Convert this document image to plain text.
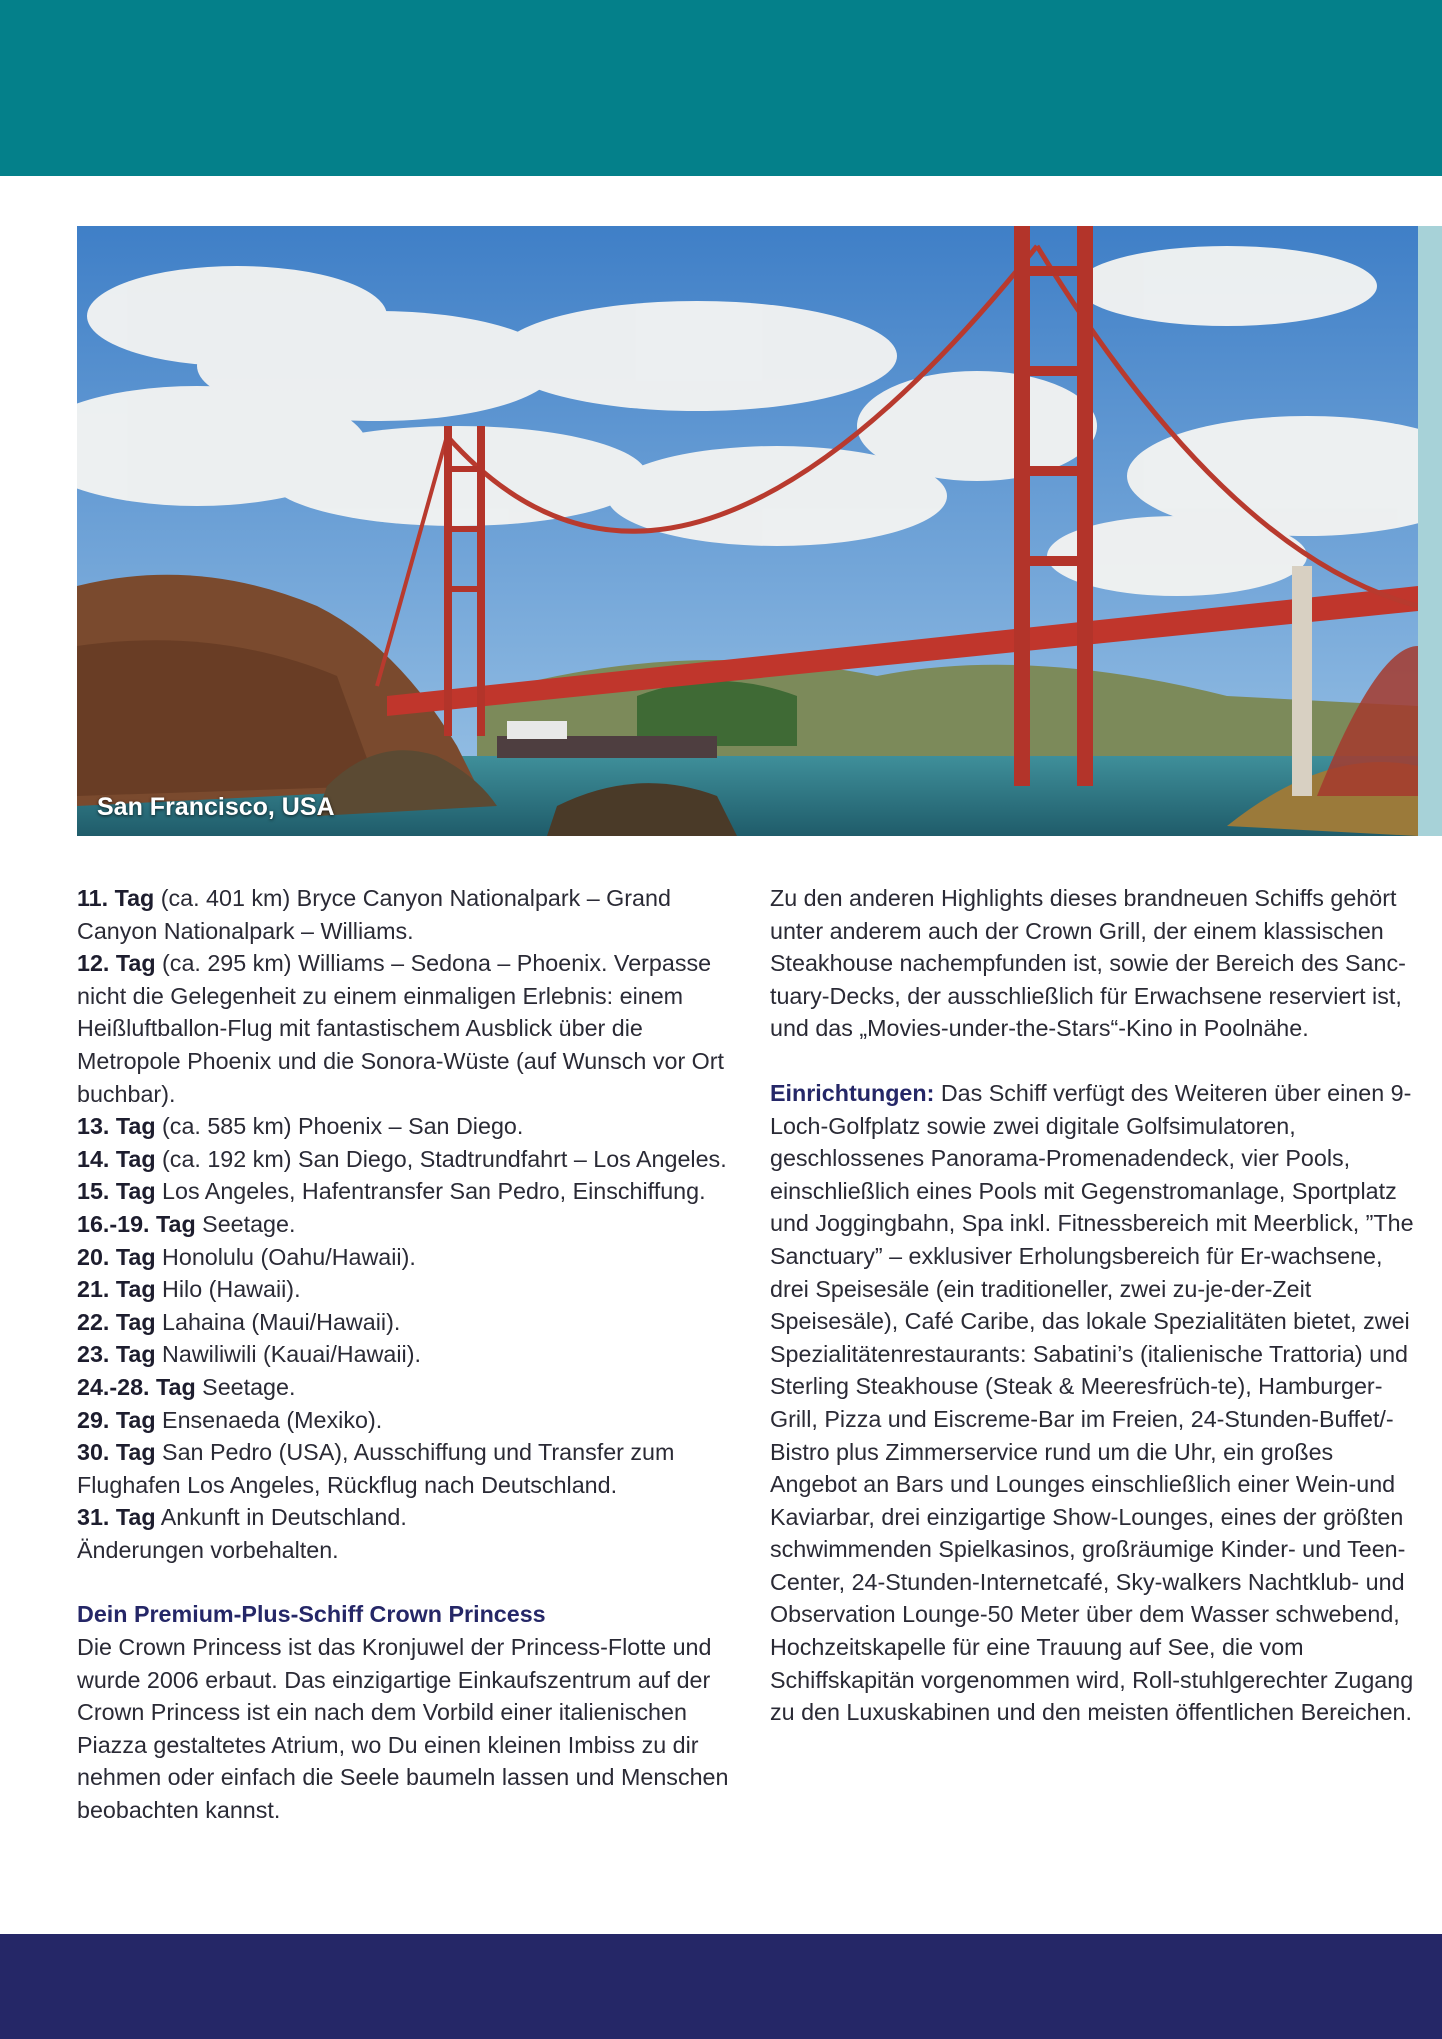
San Francisco, USA

11. Tag (ca. 401 km) Bryce Canyon Nationalpark – Grand Canyon Nationalpark – Williams.

12. Tag (ca. 295 km) Williams – Sedona – Phoenix. Verpasse nicht die Gelegenheit zu einem einmaligen Erlebnis: einem Heißluftballon-Flug mit fantastischem Ausblick über die Metropole Phoenix und die Sonora-Wüste (auf Wunsch vor Ort buchbar).

13. Tag (ca. 585 km) Phoenix – San Diego.

14. Tag (ca. 192 km) San Diego, Stadtrundfahrt – Los Angeles.

15. Tag Los Angeles, Hafentransfer San Pedro, Einschiffung.

16.-19. Tag Seetage.

20. Tag Honolulu (Oahu/Hawaii).

21. Tag Hilo (Hawaii).

22. Tag Lahaina (Maui/Hawaii).

23. Tag Nawiliwili (Kauai/Hawaii).

24.-28. Tag Seetage.

29. Tag Ensenaeda (Mexiko).

30. Tag San Pedro (USA), Ausschiffung und Transfer zum Flughafen Los Angeles, Rückflug nach Deutschland.

31. Tag Ankunft in Deutschland.

Änderungen vorbehalten.

Dein Premium-Plus-Schiff Crown Princess

Die Crown Princess ist das Kronjuwel der Princess-Flotte und wurde 2006 erbaut. Das einzigartige Einkaufszentrum auf der Crown Princess ist ein nach dem Vorbild einer italienischen Piazza gestaltetes Atrium, wo Du einen kleinen Imbiss zu dir nehmen oder einfach die Seele baumeln lassen und Menschen beobachten kannst.

Zu den anderen Highlights dieses brandneuen Schiffs gehört unter anderem auch der Crown Grill, der einem klassischen Steakhouse nachempfunden ist, sowie der Bereich des Sanc-tuary-Decks, der ausschließlich für Erwachsene reserviert ist, und das „Movies-under-the-Stars“-Kino in Poolnähe.

Einrichtungen: Das Schiff verfügt des Weiteren über einen 9-Loch-Golfplatz sowie zwei digitale Golfsimulatoren, geschlossenes Panorama-Promenadendeck, vier Pools, einschließlich eines Pools mit Gegenstromanlage, Sportplatz und Joggingbahn, Spa inkl. Fitnessbereich mit Meerblick, ”The Sanctuary” – exklusiver Erholungsbereich für Er-wachsene, drei Speisesäle (ein traditioneller, zwei zu-je-der-Zeit Speisesäle), Café Caribe, das lokale Spezialitäten bietet, zwei Spezialitätenrestaurants: Sabatini’s (italienische Trattoria) und Sterling Steakhouse (Steak & Meeresfrüch-te), Hamburger-Grill, Pizza und Eiscreme-Bar im Freien, 24-Stunden-Buffet/- Bistro plus Zimmerservice rund um die Uhr, ein großes Angebot an Bars und Lounges einschließlich einer Wein-und Kaviarbar, drei einzigartige Show-Lounges, eines der größten schwimmenden Spielkasinos, großräumige Kinder- und Teen-Center, 24-Stunden-Internetcafé, Sky-walkers Nachtklub- und Observation Lounge-50 Meter über dem Wasser schwebend, Hochzeitskapelle für eine Trauung auf See, die vom Schiffskapitän vorgenommen wird, Roll-stuhlgerechter Zugang zu den Luxuskabinen und den meisten öffentlichen Bereichen.
